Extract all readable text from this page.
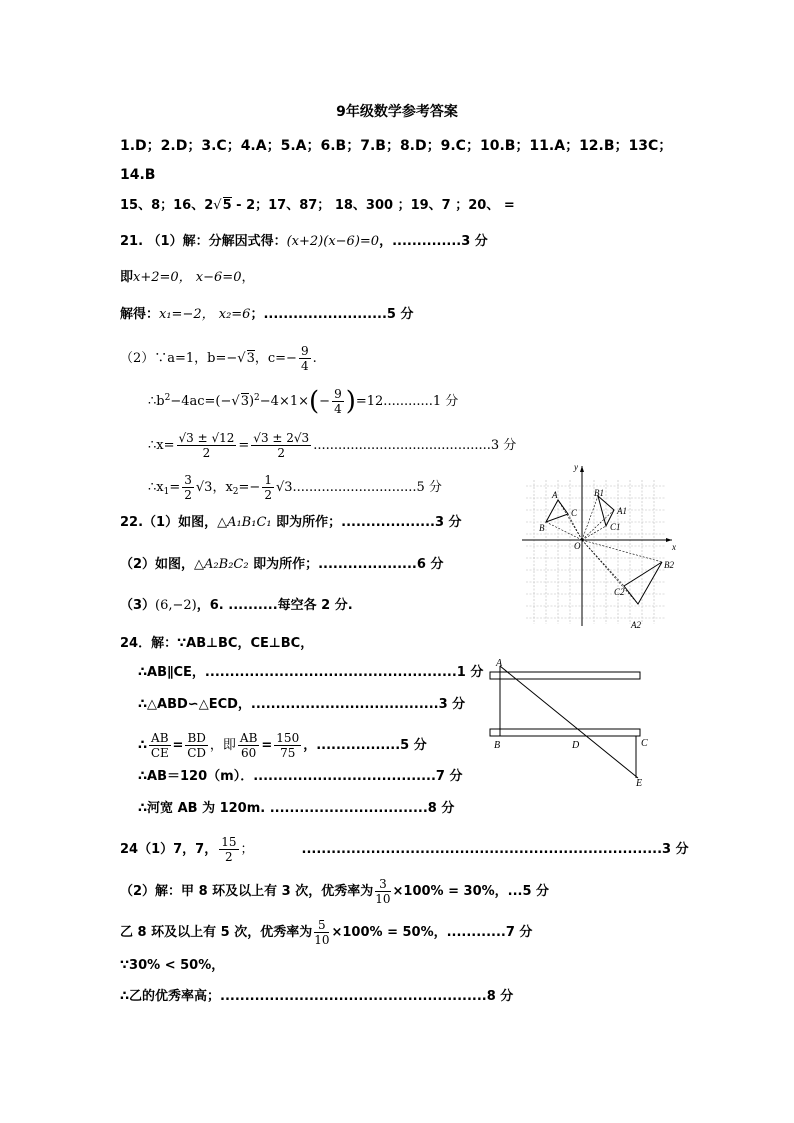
9年级数学参考答案
1.D；2.D；3.C；4.A；5.A；6.B；7.B；8.D；9.C；10.B；11.A；12.B；13C；
14.B
15、8；16、2√5 - 2；17、87； 18、300 ；19、7 ；20、 =
21. （1）解：分解因式得：(x+2)(x−6)=0，..............3 分
即x+2=0， x−6=0，
解得：x₁=−2， x₂=6；.........................5 分
（2）∵a=1，b=−√3，$c=- \frac{9}{4}$ .
$\therefore b^2-4ac=(-√3)^2-4\times 1\times(- \frac{9}{4} )=12............1$ 分
∴x= $\frac{√3 \pm √12}{2} = \frac{√3 \pm 2√3}{2} ...........................................3$ 分
$\therefore x_1= \frac{3}{2} √3$，$x_2=- \frac{1}{2} √3..............................5$ 分
22.（1）如图，△A₁B₁C₁ 即为所作；...................3 分
（2）如图，△A₂B₂C₂ 即为所作；....................6 分
（3）(6,−2)，6. ..........每空各 2 分.
x
y
O
A
B
C
B1
A1
C1
B2
A2
C2
24．解：∵AB⊥BC，CE⊥BC，
∴AB∥CE，...................................................1 分
∴△ABD∽△ECD，......................................3 分
∴ $\frac{AB}{CE} = \frac{BD}{CD}$ ，即 $\frac{AB}{60} = \frac{150}{75}$ ，.................5 分
∴AB＝120（m）．.....................................7 分
∴河宽 AB 为 120m. ................................8 分
A
B	C
D
E
24（1）7，7， $\frac{15}{2}$ ；	.........................................................................3 分
（2）解：甲 8 环及以上有 3 次，优秀率为 $\frac{3}{10} \times 100\% = 30\%$，...5 分
乙 8 环及以上有 5 次，优秀率为 $\frac{5}{10} \times 100\% = 50\%$，............7 分
∵30% < 50%，
∴乙的优秀率高；......................................................8 分
